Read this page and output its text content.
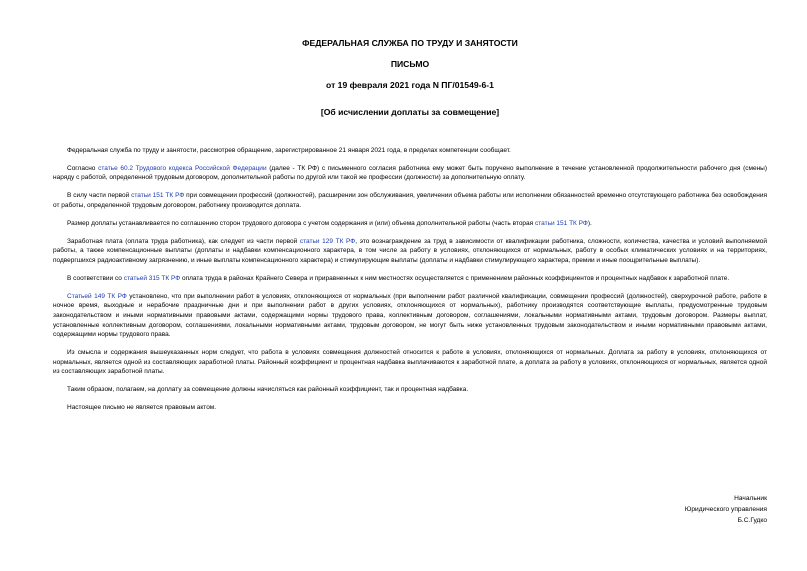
ФЕДЕРАЛЬНАЯ СЛУЖБА ПО ТРУДУ И ЗАНЯТОСТИ
ПИСЬМО
от 19 февраля 2021 года N ПГ/01549-6-1
[Об исчислении доплаты за совмещение]

Федеральная служба по труду и занятости, рассмотрев обращение, зарегистрированное 21 января 2021 года, в пределах компетенции сообщает.

Согласно статье 60.2 Трудового кодекса Российской Федерации (далее - ТК РФ) с письменного согласия работника ему может быть поручено выполнение в течение установленной продолжительности рабочего дня (смены) наряду с работой, определенной трудовым договором, дополнительной работы по другой или такой же профессии (должности) за дополнительную оплату.

В силу части первой статьи 151 ТК РФ при совмещении профессий (должностей), расширении зон обслуживания, увеличении объема работы или исполнении обязанностей временно отсутствующего работника без освобождения от работы, определенной трудовым договором, работнику производится доплата.

Размер доплаты устанавливается по соглашению сторон трудового договора с учетом содержания и (или) объема дополнительной работы (часть вторая статьи 151 ТК РФ).

Заработная плата (оплата труда работника), как следует из части первой статьи 129 ТК РФ, это вознаграждение за труд в зависимости от квалификации работника, сложности, количества, качества и условий выполняемой работы, а также компенсационные выплаты (доплаты и надбавки компенсационного характера, в том числе за работу в условиях, отклоняющихся от нормальных, работу в особых климатических условиях и на территориях, подвергшихся радиоактивному загрязнению, и иные выплаты компенсационного характера) и стимулирующие выплаты (доплаты и надбавки стимулирующего характера, премии и иные поощрительные выплаты).

В соответствии со статьей 315 ТК РФ оплата труда в районах Крайнего Севера и приравненных к ним местностях осуществляется с применением районных коэффициентов и процентных надбавок к заработной плате.

Статьей 149 ТК РФ установлено, что при выполнении работ в условиях, отклоняющихся от нормальных (при выполнении работ различной квалификации, совмещении профессий (должностей), сверхурочной работе, работе в ночное время, выходные и нерабочие праздничные дни и при выполнении работ в других условиях, отклоняющихся от нормальных), работнику производятся соответствующие выплаты, предусмотренные трудовым законодательством и иными нормативными правовыми актами, содержащими нормы трудового права, коллективным договором, соглашениями, локальными нормативными актами, трудовым договором. Размеры выплат, установленные коллективным договором, соглашениями, локальными нормативными актами, трудовым договором, не могут быть ниже установленных трудовым законодательством и иными нормативными правовыми актами, содержащими нормы трудового права.

Из смысла и содержания вышеуказанных норм следует, что работа в условиях совмещения должностей относится к работе в условиях, отклоняющихся от нормальных. Доплата за работу в условиях, отклоняющихся от нормальных, является одной из составляющих заработной платы. Районный коэффициент и процентная надбавка выплачиваются к заработной плате, а доплата за работу в условиях, отклоняющихся от нормальных, является одной из составляющих заработной платы.

Таким образом, полагаем, на доплату за совмещение должны начисляться как районный коэффициент, так и процентная надбавка.

Настоящее письмо не является правовым актом.

Начальник
Юридического управления
Б.С.Гудко
